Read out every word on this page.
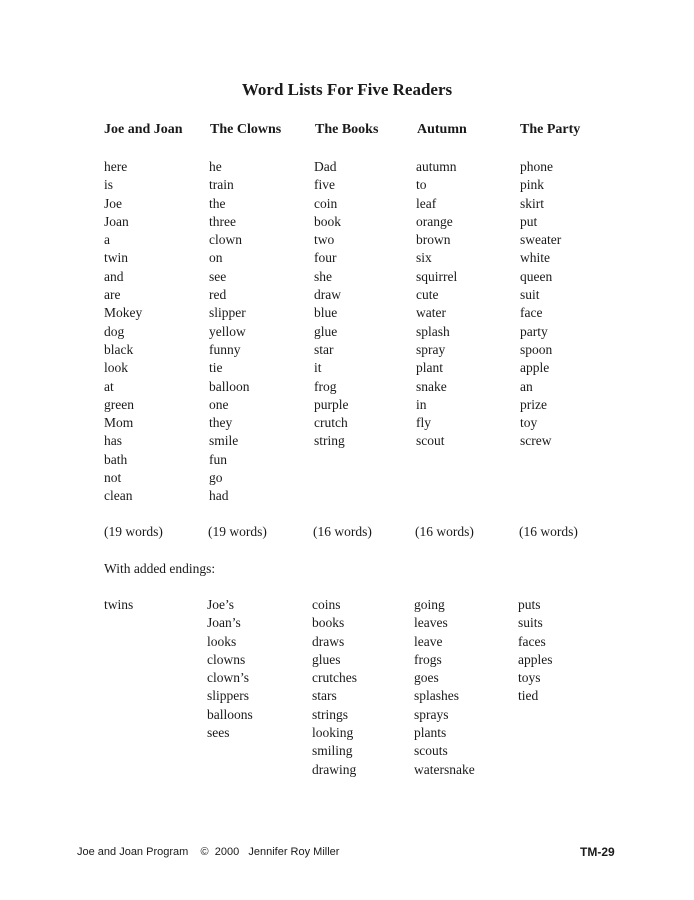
Word Lists For Five Readers
Joe and Joan
here
is
Joe
Joan
a
twin
and
are
Mokey
dog
black
look
at
green
Mom
has
bath
not
clean
(19 words)
twins
The Clowns
he
train
the
three
clown
on
see
red
slipper
yellow
funny
tie
balloon
one
they
smile
fun
go
had
(19 words)
Joe’s
Joan’s
looks
clowns
clown’s
slippers
balloons
sees
The Books
Dad
five
coin
book
two
four
she
draw
blue
glue
star
it
frog
purple
crutch
string
(16 words)
coins
books
draws
glues
crutches
stars
strings
looking
smiling
drawing
Autumn
autumn
to
leaf
orange
brown
six
squirrel
cute
water
splash
spray
plant
snake
in
fly
scout
(16 words)
going
leaves
leave
frogs
goes
splashes
sprays
plants
scouts
watersnake
The Party
phone
pink
skirt
put
sweater
white
queen
suit
face
party
spoon
apple
an
prize
toy
screw
(16 words)
puts
suits
faces
apples
toys
tied
With added endings:
Joe and Joan Program    ©  2000   Jennifer Roy Miller	TM-29
